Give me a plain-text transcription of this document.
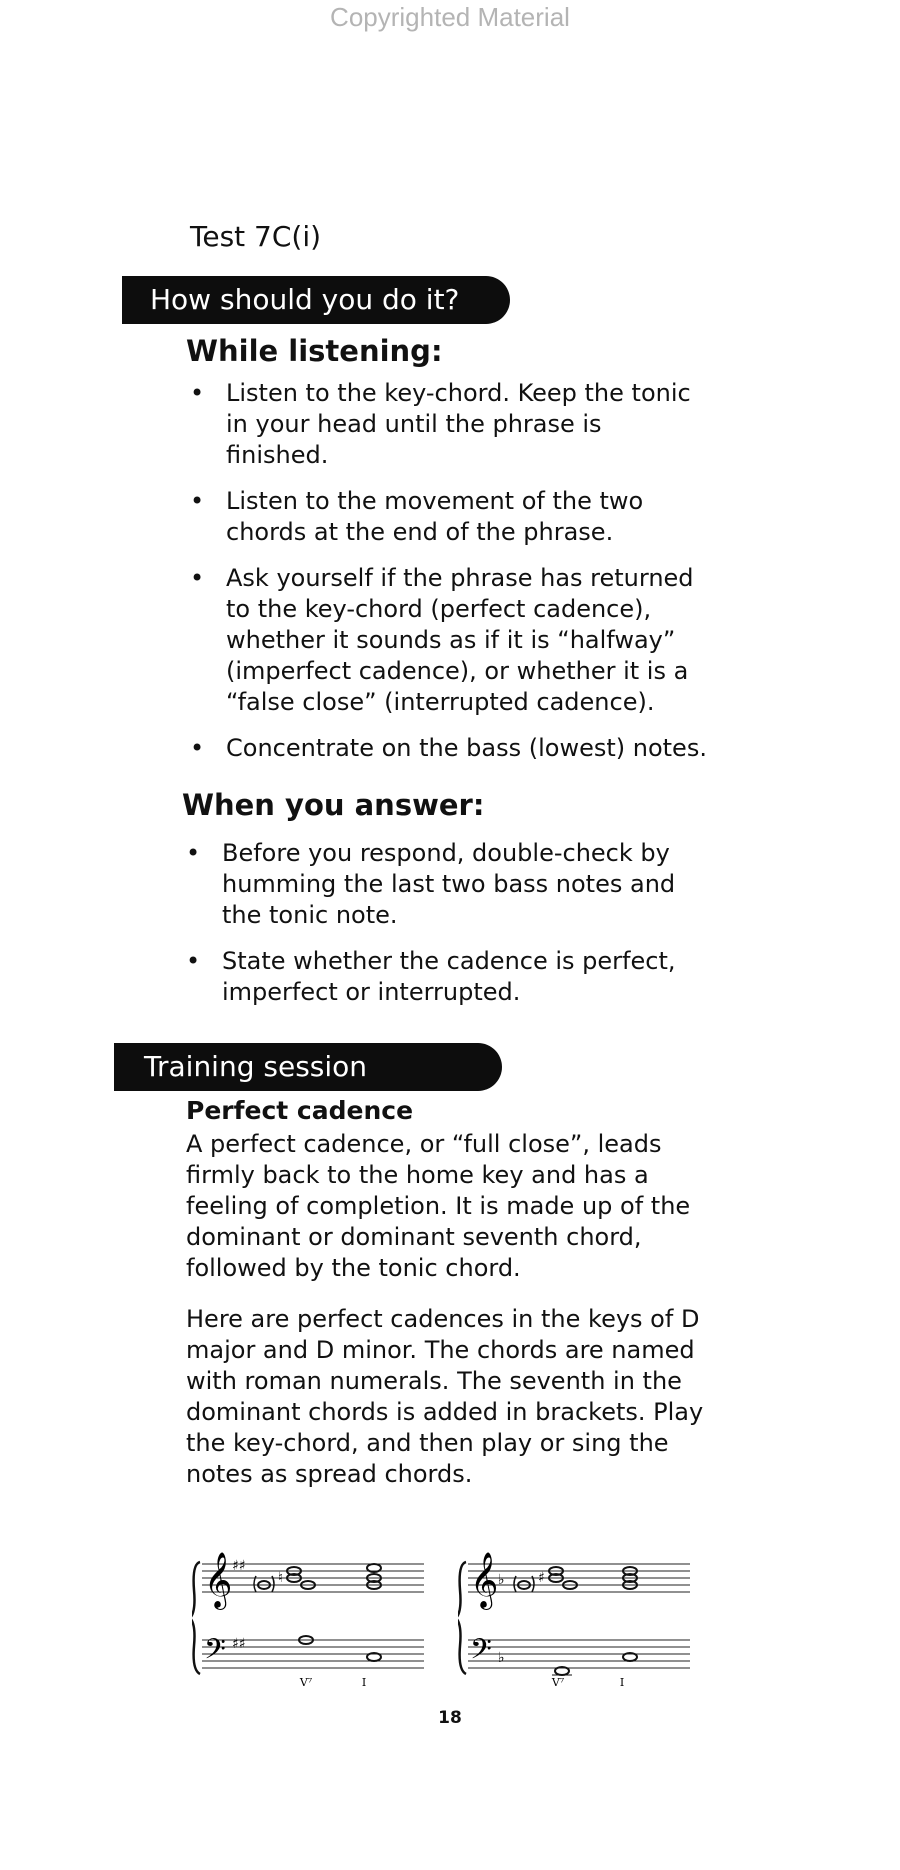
Copyrighted Material
Test 7C(i)
How should you do it?
While listening:
• Listen to the key-chord. Keep the tonic in your head until the phrase is finished.
• Listen to the movement of the two chords at the end of the phrase.
• Ask yourself if the phrase has returned to the key-chord (perfect cadence), whether it sounds as if it is “halfway” (imperfect cadence), or whether it is a “false close” (interrupted cadence).
• Concentrate on the bass (lowest) notes.
When you answer:
• Before you respond, double-check by humming the last two bass notes and the tonic note.
• State whether the cadence is perfect, imperfect or interrupted.
Training session
Perfect cadence

A perfect cadence, or “full close”, leads firmly back to the home key and has a feeling of completion. It is made up of the dominant or dominant seventh chord, followed by the tonic chord.

Here are perfect cadences in the keys of D major and D minor. The chords are named with roman numerals. The seventh in the dominant chords is added in brackets. Play the key-chord, and then play or sing the notes as spread chords.

𝄞
𝄢
♯♯
♯♯
♮
V⁷	I
𝄞
𝄢
♭
♭
♯
V⁷	I
18
